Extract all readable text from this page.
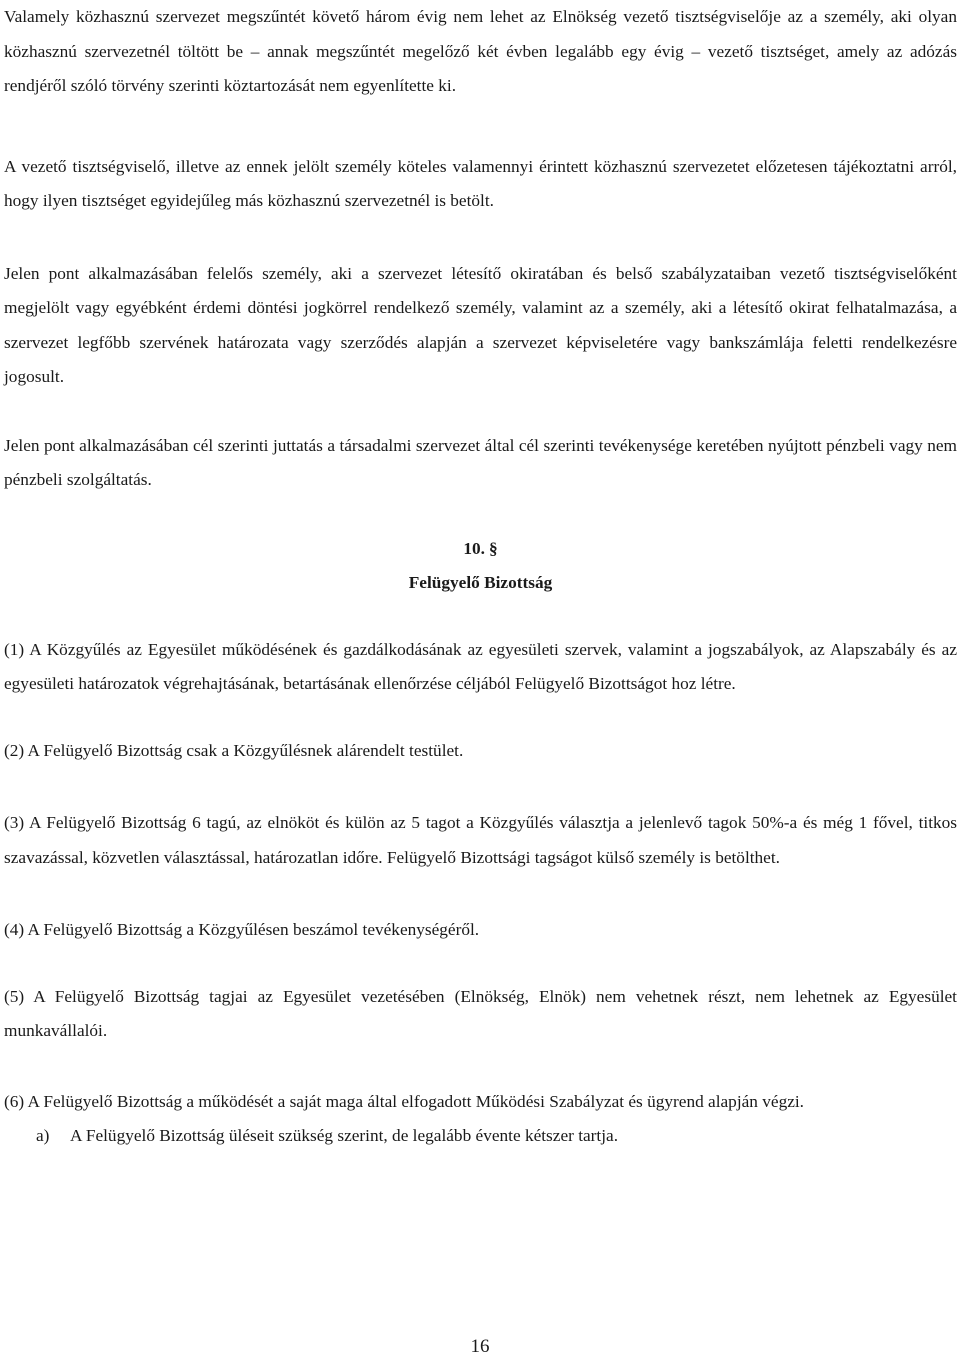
Valamely közhasznú szervezet megszűntét követő három évig nem lehet az Elnökség vezető tisztségviselője az a személy, aki olyan közhasznú szervezetnél töltött be – annak megszűntét megelőző két évben legalább egy évig – vezető tisztséget, amely az adózás rendjéről szóló törvény szerinti köztartozását nem egyenlítette ki.

A vezető tisztségviselő, illetve az ennek jelölt személy köteles valamennyi érintett közhasznú szervezetet előzetesen tájékoztatni arról, hogy ilyen tisztséget egyidejűleg más közhasznú szervezetnél is betölt.

Jelen pont alkalmazásában felelős személy, aki a szervezet létesítő okiratában és belső szabályzataiban vezető tisztségviselőként megjelölt vagy egyébként érdemi döntési jogkörrel rendelkező személy, valamint az a személy, aki a létesítő okirat felhatalmazása, a szervezet legfőbb szervének határozata vagy szerződés alapján a szervezet képviseletére vagy bankszámlája feletti rendelkezésre jogosult.

Jelen pont alkalmazásában cél szerinti juttatás a társadalmi szervezet által cél szerinti tevékenysége keretében nyújtott pénzbeli vagy nem pénzbeli szolgáltatás.

10. §
Felügyelő Bizottság

(1) A Közgyűlés az Egyesület működésének és gazdálkodásának az egyesületi szervek, valamint a jogszabályok, az Alapszabály és az egyesületi határozatok végrehajtásának, betartásának ellenőrzése céljából Felügyelő Bizottságot hoz létre.

(2) A Felügyelő Bizottság csak a Közgyűlésnek alárendelt testület.

(3) A Felügyelő Bizottság 6 tagú, az elnököt és külön az 5 tagot a Közgyűlés választja a jelenlevő tagok 50%-a és még 1 fővel, titkos szavazással, közvetlen választással, határozatlan időre. Felügyelő Bizottsági tagságot külső személy is betölthet.

(4) A Felügyelő Bizottság a Közgyűlésen beszámol tevékenységéről.

(5) A Felügyelő Bizottság tagjai az Egyesület vezetésében (Elnökség, Elnök) nem vehetnek részt, nem lehetnek az Egyesület munkavállalói.

(6) A Felügyelő Bizottság a működését a saját maga által elfogadott Működési Szabályzat és ügyrend alapján végzi.

a)	A Felügyelő Bizottság üléseit szükség szerint, de legalább évente kétszer tartja.
16
